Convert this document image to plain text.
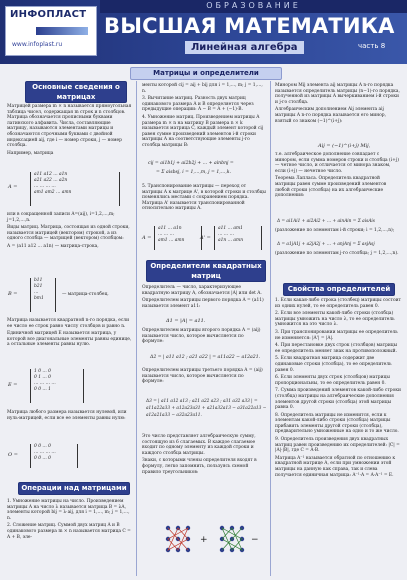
ОБРАЗОВАНИЕ
ИНФОПЛАСТ
www.infoplast.ru
ВЫСШАЯ МАТЕМАТИКА
Линейная алгебра	часть 8
Матрицы и определители
Основные сведения о матрицах

Матрицей размера m × n называется прямоугольная таблица чисел, содержащая m строк и n столбцов. Матрица обозначается прописными буквами латинского алфавита. Числа, составляющие матрицу, называются элементами матрицы и обозначаются строчными буквами с двойной индексацией aij, где i — номер строки, j — номер столбца.

Например, матрица

a11 a12 … a1n
a21 a22 … a2n
… … … …
am1 am2 … amn
A =

или в сокращенной записи A=(aij), i=1,2,…,m; j=1,2,…,n.

Виды матриц. Матрица, состоящая из одной строки, называется матрицей (вектором) строкой, а из одного столбца — матрицей (вектором) столбцом:

A = (a11 a12 … a1n) — матрица-строка,

b11
b21
…
bm1
B =	— матрица-столбец.

Матрица называется квадратной n-го порядка, если ее число ее строк равно числу столбцов и равно n.

Единичной матрицей E называется матрица, у которой все диагональные элементы равны единице, а остальные элементы равны нулю.

1 0 … 0
0 1 … 0
… … … …
0 0 … 1
E =

Матрица любого размера называется нулевой, или нуль-матрицей, если все ее элементы равны нулю:

0 0 … 0
… … … …
0 0 … 0
O =
Операции над матрицами

1. Умножение матрицы на число. Произведением матрицы A на число λ называется матрица B = λA, элементы которой bij = λ·aij, для i = 1,…, m; j = 1,…, n.

2. Сложение матриц. Суммой двух матриц A и B одинакового размера m × n называется матрица C = A + B, эле-

менты которой cij = aij + bij для i = 1,…, m; j = 1,…, n.

3. Вычитание матриц. Разность двух матриц одинакового размера A и B определяется через предыдущие операции: A − B = A + (−1)·B.

4. Умножение матриц. Произведением матрицы A размера m × n на матрицу B размера n × k называется матрица C, каждый элемент которой cij равен сумме произведений элементов i-й строки матрицы A на соответствующие элементы j-го столбца матрицы B:

cij = ai1b1j + ai2b2j + … + ainbnj =
= Σ aisbsj, i = 1,…,m, j = 1,…,k.

5. Транспонирование матрицы — переход от матрицы A к матрице A', в которой строки и столбцы поменялись местами с сохранением порядка. Матрица A' называется транспонированной относительно матрицы A.

a11 … a1n
… … …
am1 … amn
A =
a11 … am1
… … …
a1n … amn
A' =
Определители квадратных матриц

Определитель — число, характеризующее квадратную матрицу A, обозначается |A| или det A.

Определителем матрицы первого порядка A = (a11) называется элемент a11:

Δ1 = |A| = a11.

Определителем матрицы второго порядка A = (aij) называется число, которое вычисляется по формуле:

Δ2 = | a11 a12 ; a21 a22 | = a11a22 − a12a21.

Определителем матрицы третьего порядка A = (aij) называется число, которое вычисляется по формуле:

Δ3 = | a11 a12 a13 ; a21 a22 a23 ; a31 a32 a33 | = a11a22a33 + a12a23a31 + a21a32a13 − a31a22a13 − a12a21a33 − a32a23a11.

Это число представляет алгебраическую сумму, состоящую из 6 слагаемых. В каждое слагаемое входит по одному элементу из каждой строки и каждого столбца матрицы.

Знаки, с которыми члены определителя входят в формулу, легко запомнить, пользуясь схемой правило треугольников:

+	−

Минором Mij элемента aij матрицы A n-го порядка называется определитель матрицы (n−1)-го порядка, полученной из матрицы A вычеркиванием i-й строки и j-го столбца.

Алгебраическим дополнением Aij элемента aij матрицы A n-го порядка называется его минор, взятый со знаком (−1)^(i+j):

Aij = (−1)^(i+j) Mij,

т.е. алгебраическое дополнение совпадает с минором, если сумма номеров строки и столбца (i+j) — четное число, и отличается от минора знаком, если (i+j) — нечетное число.

Теорема Лапласа. Определитель квадратной матрицы равен сумме произведений элементов любой строки (столбца) на их алгебраические дополнения:

Δ = ai1Ai1 + ai2Ai2 + … + ainAin = Σ aisAis
(разложение по элементам i-й строки; i = 1,2,…,n);
Δ = a1jA1j + a2jA2j + … + anjAnj = Σ asjAsj
(разложение по элементам j-го столбца; j = 1,2,…,n).
Свойства определителей

1. Если какая-либо строка (столбец) матрицы состоит из одних нулей, то ее определитель равен 0.

2. Если все элементы какой-либо строки (столбца) матрицы умножить на число λ, то ее определитель умножится на это число λ.

3. При транспонировании матрицы ее определитель не изменяется: |A'| = |A|.

4. При перестановке двух строк (столбцов) матрицы ее определитель меняет знак на противоположный.

5. Если квадратная матрица содержит две одинаковые строки (столбца), то ее определитель равен 0.

6. Если элементы двух строк (столбцов) матрицы пропорциональны, то ее определитель равен 0.

7. Сумма произведений элементов какой-либо строки (столбца) матрицы на алгебраические дополнения элементов другой строки (столбца) этой матрицы равна 0.

8. Определитель матрицы не изменится, если к элементам какой-либо строки (столбца) матрицы прибавить элементы другой строки (столбца), предварительно умноженные на одно и то же число.

9. Определитель произведения двух квадратных матриц равен произведению их определителей: |C| = |A|·|B|, где C = A·B.

Матрица A⁻¹ называется обратной по отношению к квадратной матрице A, если при умножении этой матрицы на данную как справа, так и слева получается единичная матрица: A⁻¹·A = A·A⁻¹ = E.
